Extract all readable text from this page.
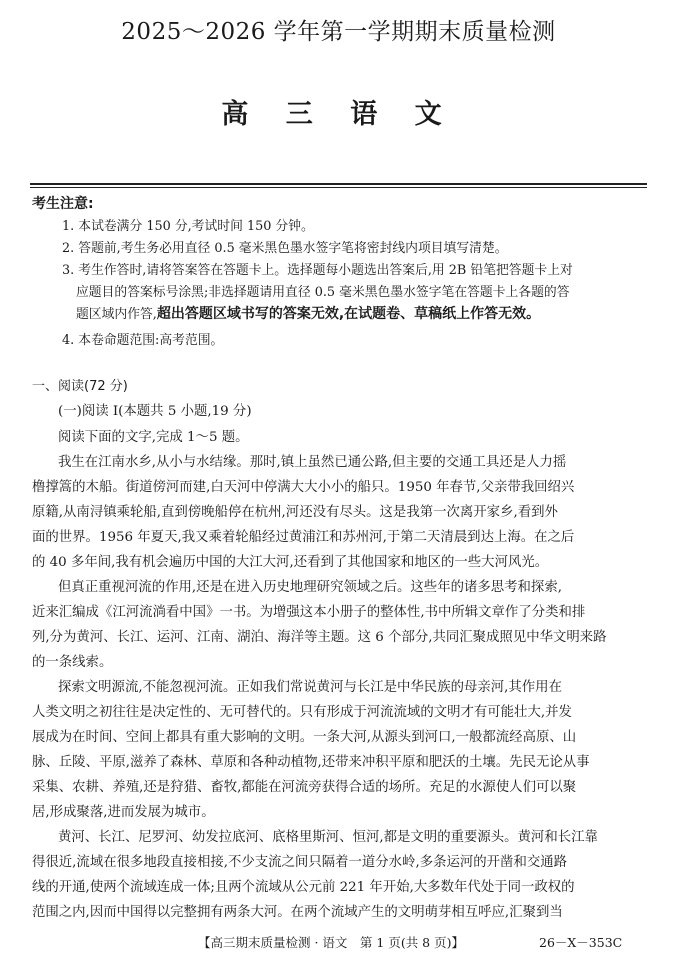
2025～2026 学年第一学期期末质量检测
高 三 语 文
考生注意:
1. 本试卷满分 150 分,考试时间 150 分钟。
2. 答题前,考生务必用直径 0.5 毫米黑色墨水签字笔将密封线内项目填写清楚。
3. 考生作答时,请将答案答在答题卡上。选择题每小题选出答案后,用 2B 铅笔把答题卡上对
应题目的答案标号涂黑;非选择题请用直径 0.5 毫米黑色墨水签字笔在答题卡上各题的答
题区域内作答,超出答题区域书写的答案无效,在试题卷、草稿纸上作答无效。
4. 本卷命题范围:高考范围。
一、阅读(72 分)
(一)阅读 I(本题共 5 小题,19 分)
阅读下面的文字,完成 1～5 题。
我生在江南水乡,从小与水结缘。那时,镇上虽然已通公路,但主要的交通工具还是人力摇
橹撑篙的木船。街道傍河而建,白天河中停满大大小小的船只。1950 年春节,父亲带我回绍兴
原籍,从南浔镇乘轮船,直到傍晚船停在杭州,河还没有尽头。这是我第一次离开家乡,看到外
面的世界。1956 年夏天,我又乘着轮船经过黄浦江和苏州河,于第二天清晨到达上海。在之后
的 40 多年间,我有机会遍历中国的大江大河,还看到了其他国家和地区的一些大河风光。
但真正重视河流的作用,还是在进入历史地理研究领域之后。这些年的诸多思考和探索,
近来汇编成《江河流淌看中国》一书。为增强这本小册子的整体性,书中所辑文章作了分类和排
列,分为黄河、长江、运河、江南、湖泊、海洋等主题。这 6 个部分,共同汇聚成照见中华文明来路
的一条线索。
探索文明源流,不能忽视河流。正如我们常说黄河与长江是中华民族的母亲河,其作用在
人类文明之初往往是决定性的、无可替代的。只有形成于河流流域的文明才有可能壮大,并发
展成为在时间、空间上都具有重大影响的文明。一条大河,从源头到河口,一般都流经高原、山
脉、丘陵、平原,滋养了森林、草原和各种动植物,还带来冲积平原和肥沃的土壤。先民无论从事
采集、农耕、养殖,还是狩猎、畜牧,都能在河流旁获得合适的场所。充足的水源使人们可以聚
居,形成聚落,进而发展为城市。
黄河、长江、尼罗河、幼发拉底河、底格里斯河、恒河,都是文明的重要源头。黄河和长江靠
得很近,流域在很多地段直接相接,不少支流之间只隔着一道分水岭,多条运河的开凿和交通路
线的开通,使两个流域连成一体;且两个流域从公元前 221 年开始,大多数年代处于同一政权的
范围之内,因而中国得以完整拥有两条大河。在两个流域产生的文明萌芽相互呼应,汇聚到当
【高三期末质量检测 · 语文　第 1 页(共 8 页)】	26－X－353C
